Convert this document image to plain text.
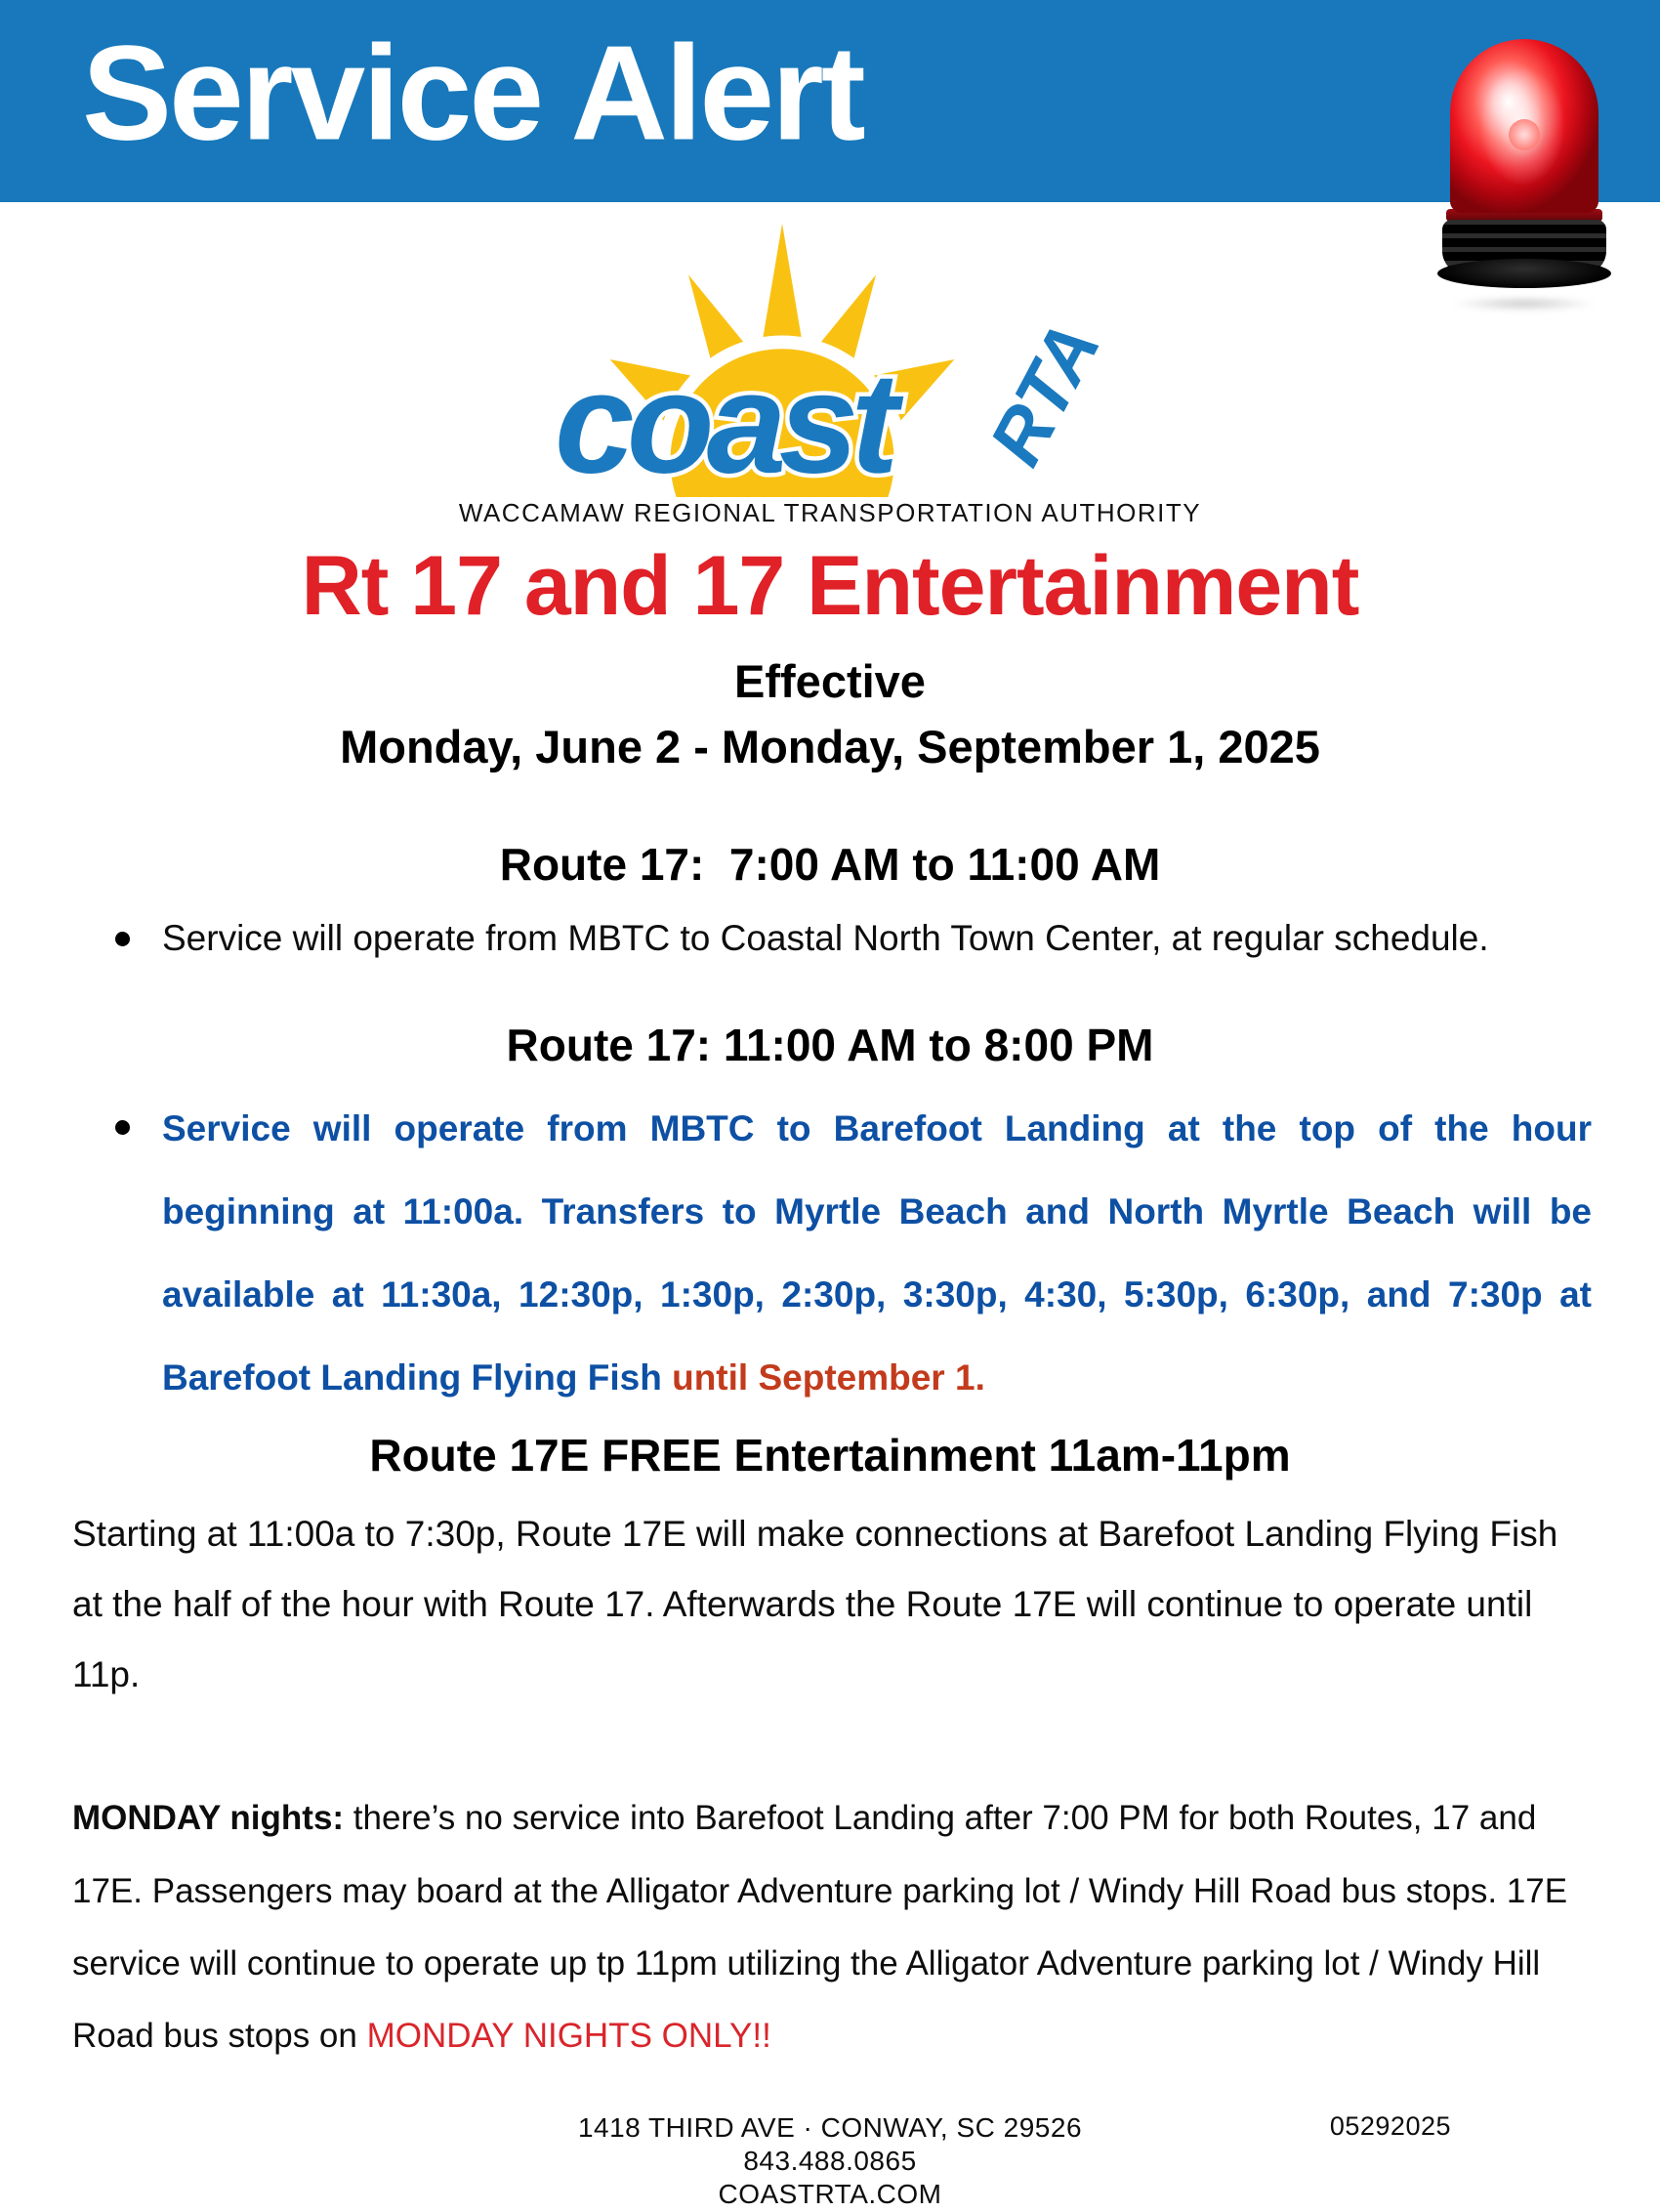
Service Alert
coast RTA
WACCAMAW REGIONAL TRANSPORTATION AUTHORITY
Rt 17 and 17 Entertainment
Effective
Monday, June 2 - Monday, September 1, 2025
Route 17:  7:00 AM to 11:00 AM
Service will operate from MBTC to Coastal North Town Center, at regular schedule.
Route 17: 11:00 AM to 8:00 PM
Service will operate from MBTC to Barefoot Landing at the top of the hour beginning at 11:00a. Transfers to Myrtle Beach and North Myrtle Beach will be available at 11:30a, 12:30p, 1:30p, 2:30p, 3:30p, 4:30, 5:30p, 6:30p, and 7:30p at Barefoot Landing Flying Fish until September 1.
Route 17E FREE Entertainment 11am-11pm
Starting at 11:00a to 7:30p, Route 17E will make connections at Barefoot Landing Flying Fish at the half of the hour with Route 17. Afterwards the Route 17E will continue to operate until 11p.
MONDAY nights: there’s no service into Barefoot Landing after 7:00 PM for both Routes, 17 and 17E. Passengers may board at the Alligator Adventure parking lot / Windy Hill Road bus stops. 17E service will continue to operate up tp 11pm utilizing the Alligator Adventure parking lot / Windy Hill Road bus stops on MONDAY NIGHTS ONLY!!
1418 THIRD AVE · CONWAY, SC 29526
843.488.0865
COASTRTA.COM
05292025
